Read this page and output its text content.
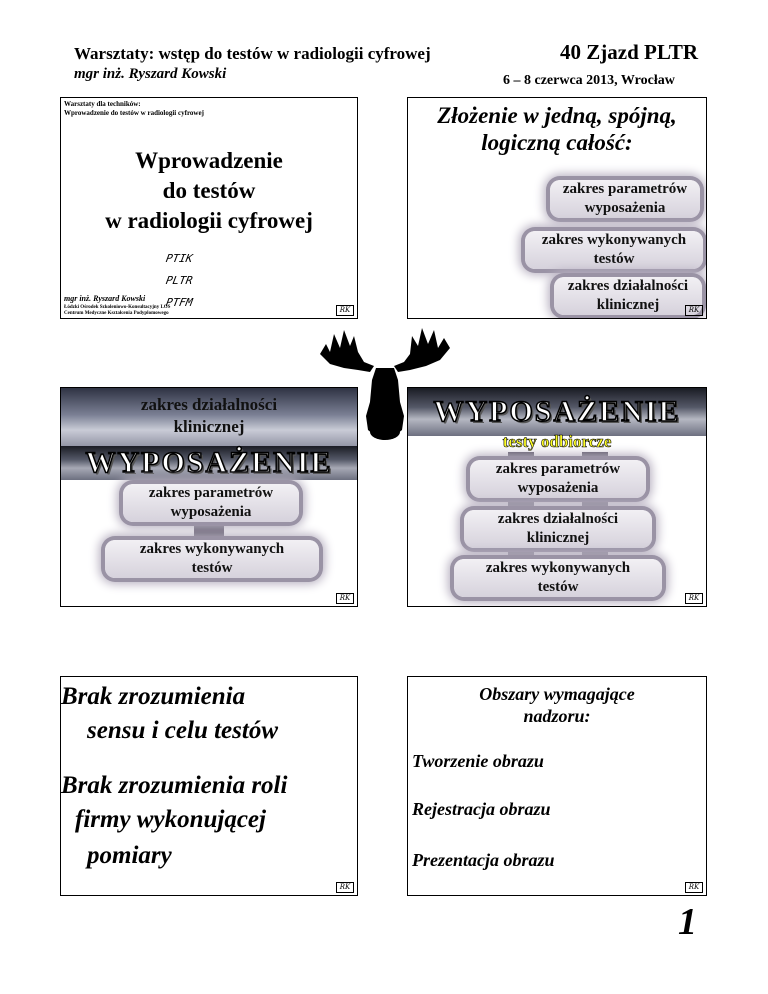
Warsztaty: wstęp do testów w radiologii cyfrowej
mgr inż. Ryszard Kowski
40 Zjazd PLTR
6 – 8 czerwca 2013, Wrocław
Warsztaty dla techników:
Wprowadzenie do testów w radiologii cyfrowej
Wprowadzenie
do testów
w radiologii cyfrowej
PTIK
PLTR
PTFM
mgr inż. Ryszard Kowski
Łódzki Ośrodek Szkoleniowo-Konsultacyjny LOS
Centrum Medyczne Kształcenia Podyplomowego	RK
Złożenie w jedną, spójną,
logiczną całość:
zakres parametrów
wyposażenia
zakres wykonywanych
testów
zakres działalności
klinicznej	RK
zakres działalności
klinicznej
WYPOSAŻENIE
zakres parametrów
wyposażenia
zakres wykonywanych
testów
RK
WYPOSAŻENIE
testy odbiorcze
zakres parametrów
wyposażenia
zakres działalności
klinicznej
zakres wykonywanych
testów
RK
Brak zrozumienia
sensu i celu testów
Brak zrozumienia roli
firmy wykonującej
pomiary
RK
Obszary wymagające
nadzoru:
Tworzenie obrazu
Rejestracja obrazu
Prezentacja obrazu
RK
1
